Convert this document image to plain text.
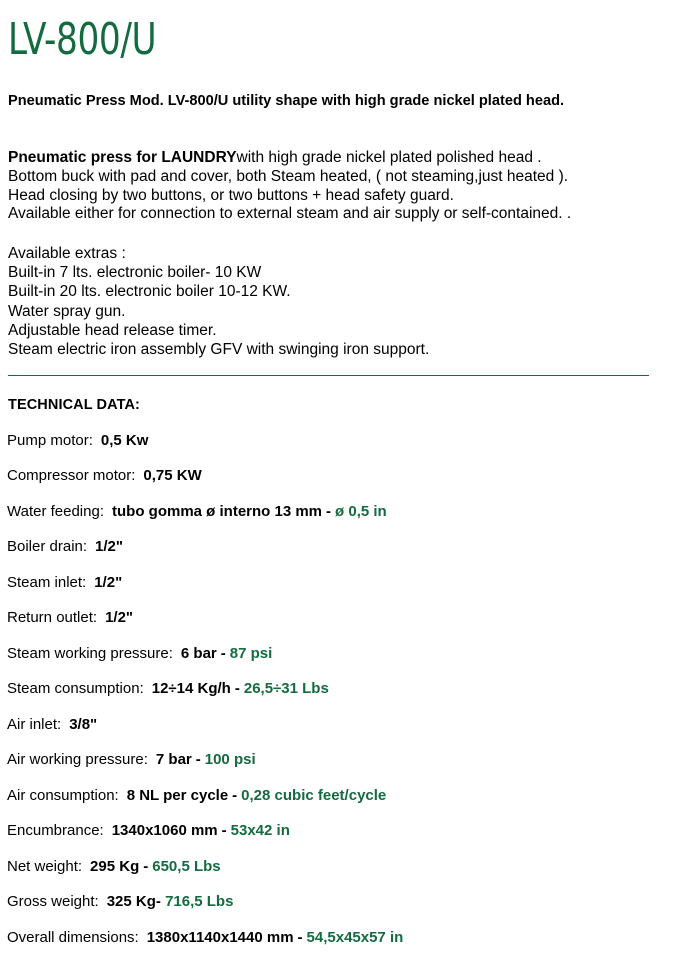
LV-800/U

Pneumatic Press Mod. LV-800/U utility shape with high grade nickel plated head.

Pneumatic press for LAUNDRYwith high grade nickel plated polished head .
Bottom buck with pad and cover, both Steam heated, ( not steaming,just heated ).
Head closing by two buttons, or two buttons + head safety guard.
Available either for connection to external steam and air supply or self-contained. .

Available extras :
Built-in 7 lts. electronic boiler- 10 KW
Built-in 20 lts. electronic boiler 10-12 KW.
Water spray gun.
Adjustable head release timer.
Steam electric iron assembly GFV with swinging iron support.

TECHNICAL DATA:
Pump motor: 0,5 Kw
Compressor motor: 0,75 KW
Water feeding: tubo gomma ø interno 13 mm - ø 0,5 in
Boiler drain: 1/2"
Steam inlet: 1/2"
Return outlet: 1/2"
Steam working pressure: 6 bar - 87 psi
Steam consumption: 12÷14 Kg/h - 26,5÷31 Lbs
Air inlet: 3/8"
Air working pressure: 7 bar - 100 psi
Air consumption: 8 NL per cycle - 0,28 cubic feet/cycle
Encumbrance: 1340x1060 mm - 53x42 in
Net weight: 295 Kg - 650,5 Lbs
Gross weight: 325 Kg- 716,5 Lbs
Overall dimensions: 1380x1140x1440 mm - 54,5x45x57 in
